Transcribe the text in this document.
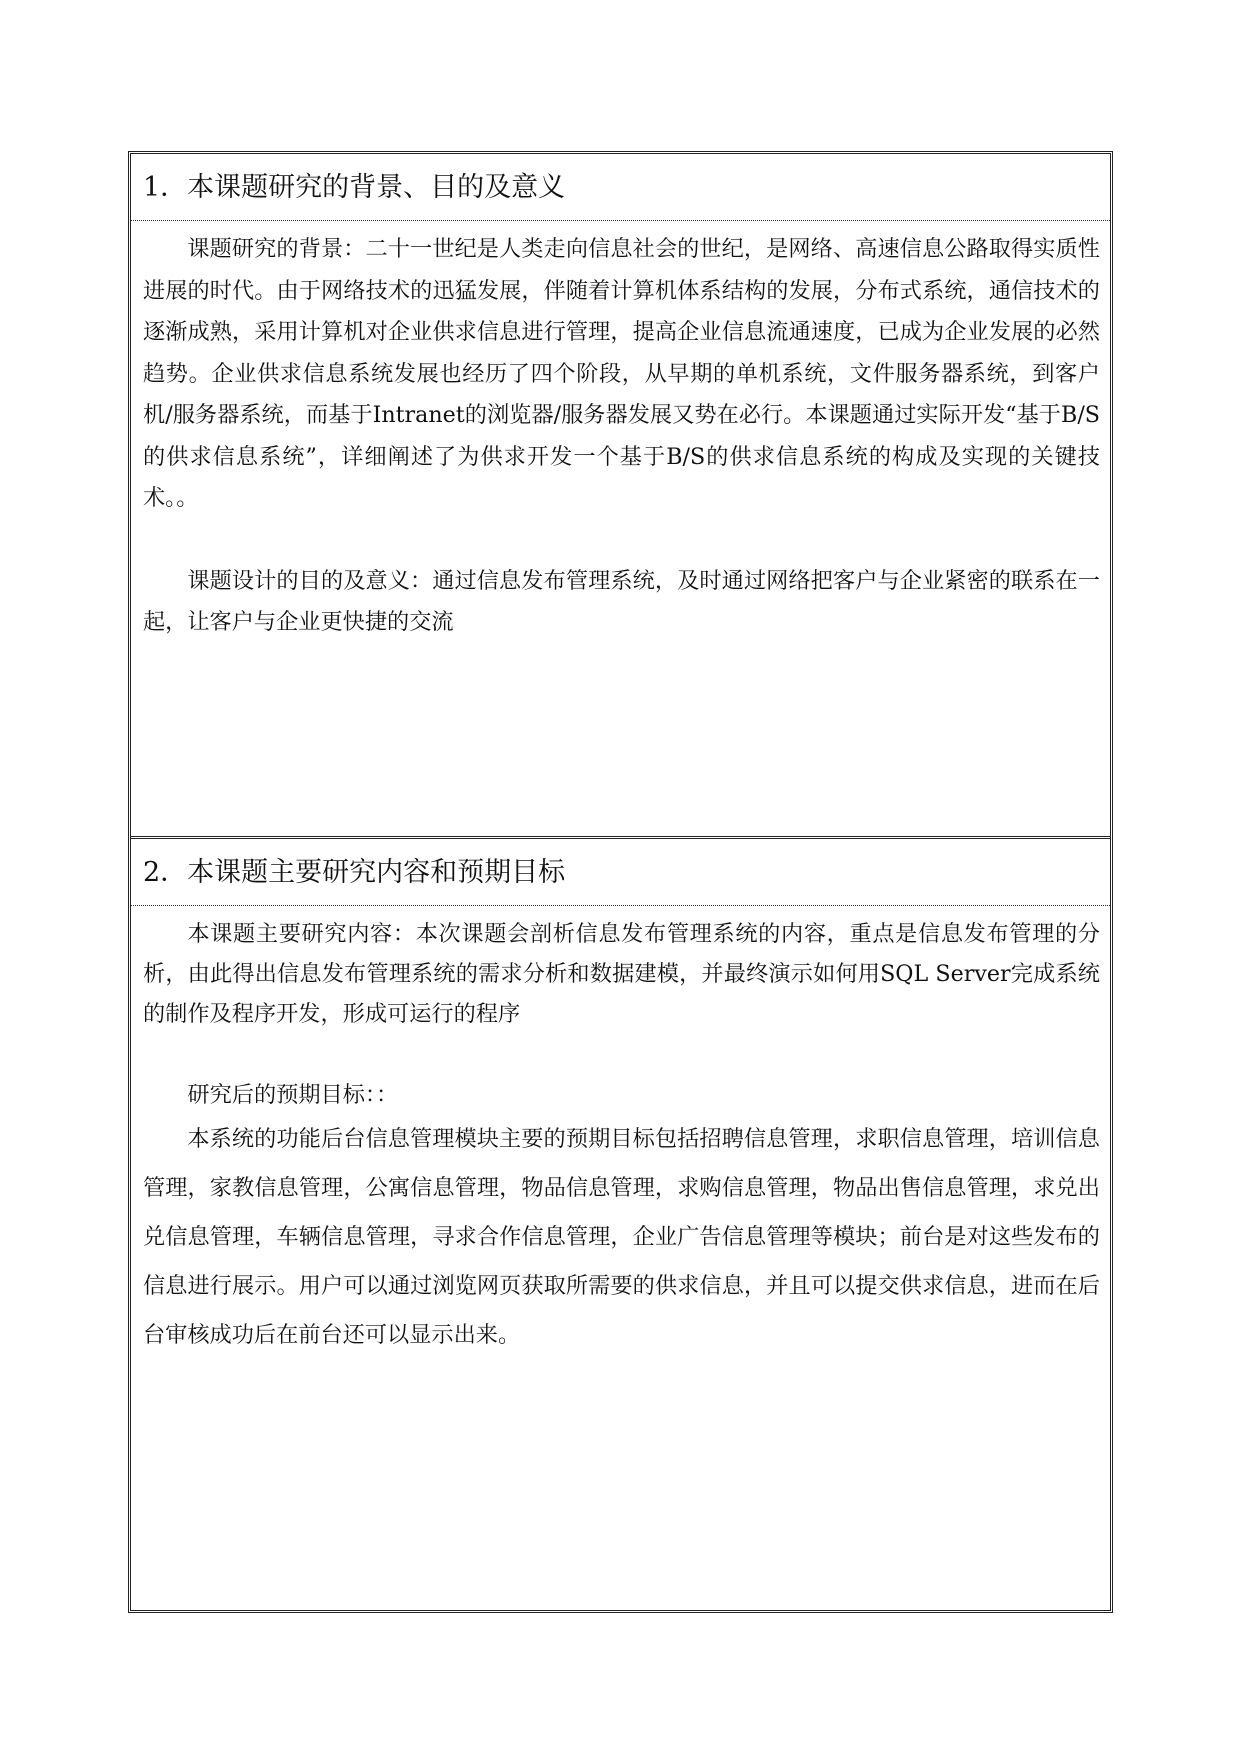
1．本课题研究的背景、目的及意义

课题研究的背景：二十一世纪是人类走向信息社会的世纪，是网络、高速信息公路取得实质性进展的时代。由于网络技术的迅猛发展，伴随着计算机体系结构的发展，分布式系统，通信技术的逐渐成熟，采用计算机对企业供求信息进行管理，提高企业信息流通速度，已成为企业发展的必然趋势。企业供求信息系统发展也经历了四个阶段，从早期的单机系统，文件服务器系统，到客户机/服务器系统，而基于Intranet的浏览器/服务器发展又势在必行。本课题通过实际开发“基于B/S的供求信息系统”，详细阐述了为供求开发一个基于B/S的供求信息系统的构成及实现的关键技术。。

课题设计的目的及意义：通过信息发布管理系统，及时通过网络把客户与企业紧密的联系在一起，让客户与企业更快捷的交流

2．本课题主要研究内容和预期目标

本课题主要研究内容：本次课题会剖析信息发布管理系统的内容，重点是信息发布管理的分析，由此得出信息发布管理系统的需求分析和数据建模，并最终演示如何用SQL Server完成系统的制作及程序开发，形成可运行的程序

研究后的预期目标：：

本系统的功能后台信息管理模块主要的预期目标包括招聘信息管理，求职信息管理，培训信息管理，家教信息管理，公寓信息管理，物品信息管理，求购信息管理，物品出售信息管理，求兑出兑信息管理，车辆信息管理，寻求合作信息管理，企业广告信息管理等模块；前台是对这些发布的信息进行展示。用户可以通过浏览网页获取所需要的供求信息，并且可以提交供求信息，进而在后台审核成功后在前台还可以显示出来。
